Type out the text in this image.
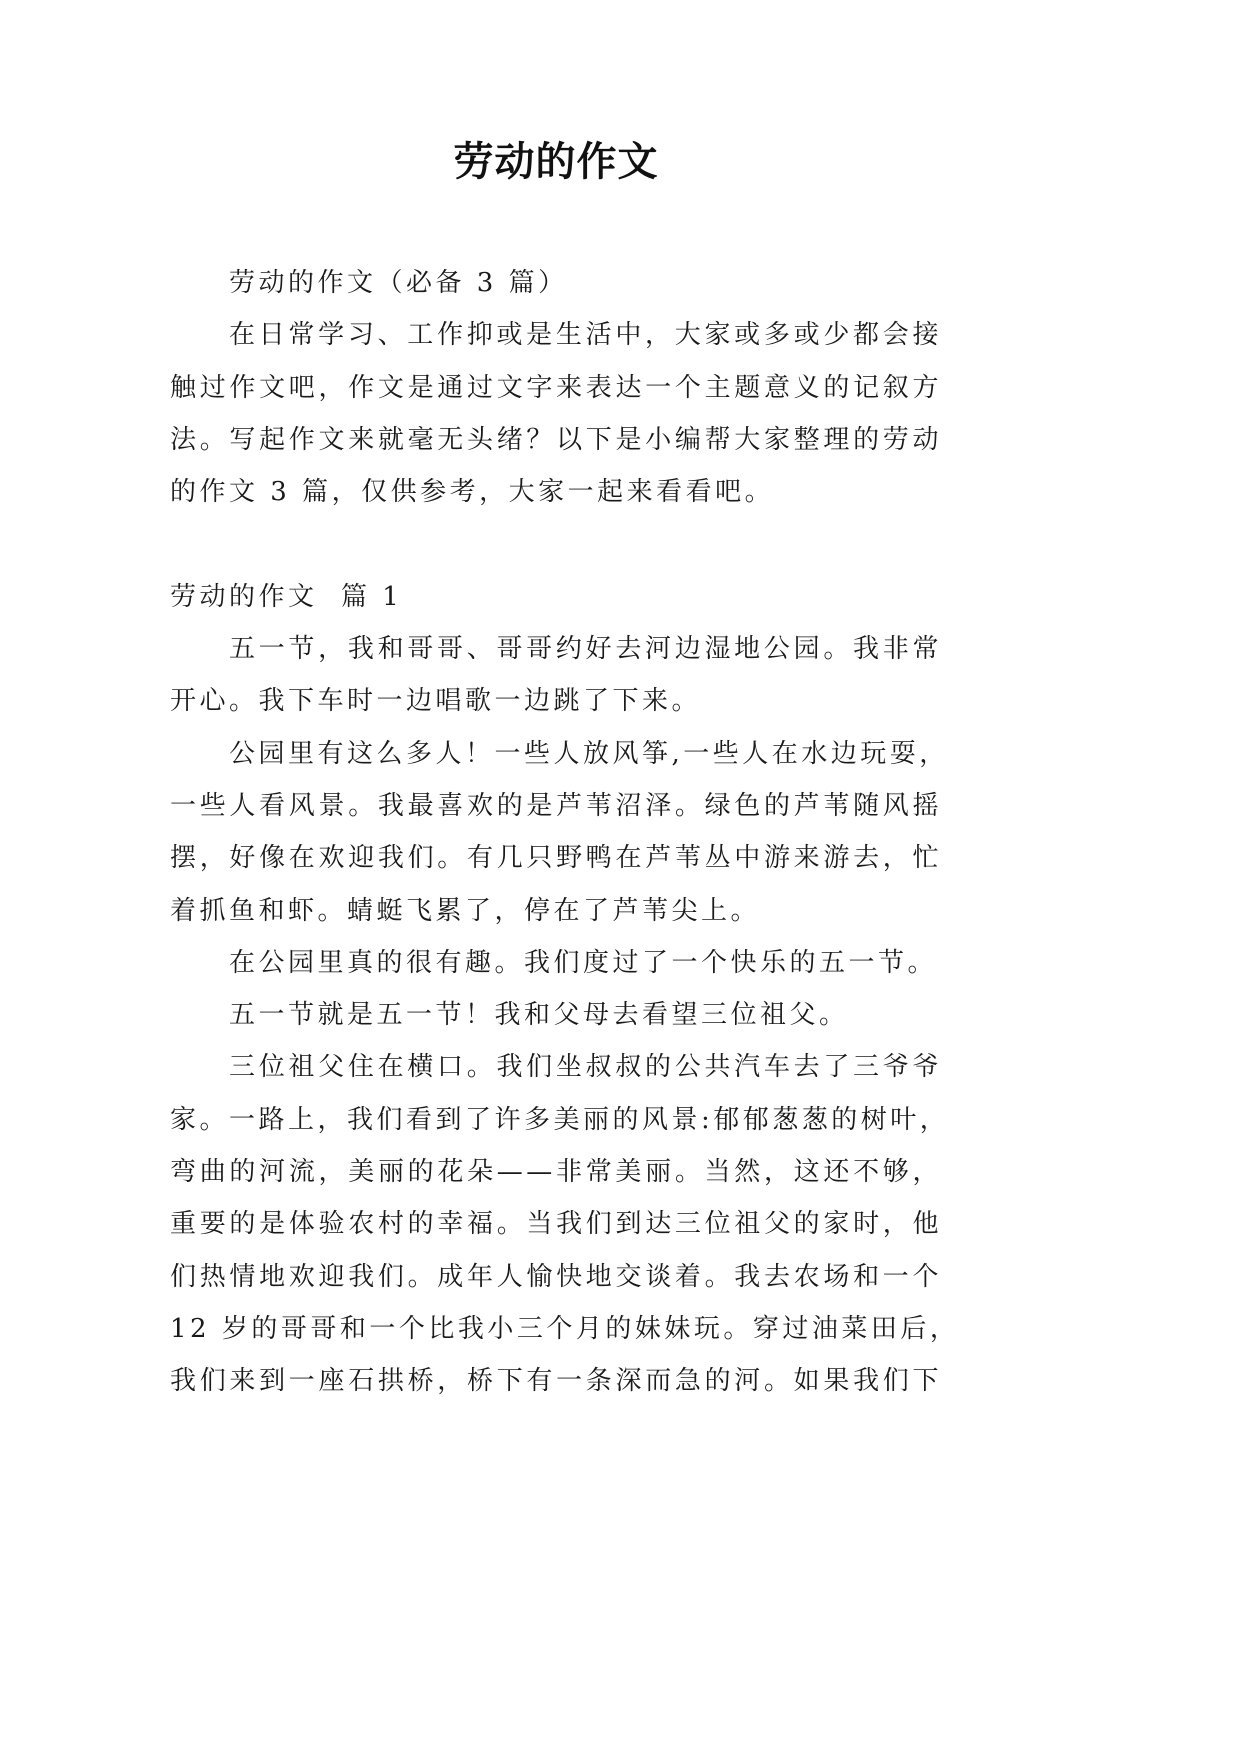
劳动的作文
劳动的作文（必备 3 篇）
在日常学习、工作抑或是生活中，大家或多或少都会接
触过作文吧，作文是通过文字来表达一个主题意义的记叙方
法。写起作文来就毫无头绪？以下是小编帮大家整理的劳动
的作文 3 篇，仅供参考，大家一起来看看吧。
劳动的作文  篇 1
五一节，我和哥哥、哥哥约好去河边湿地公园。我非常
开心。我下车时一边唱歌一边跳了下来。
公园里有这么多人！一些人放风筝,一些人在水边玩耍，
一些人看风景。我最喜欢的是芦苇沼泽。绿色的芦苇随风摇
摆，好像在欢迎我们。有几只野鸭在芦苇丛中游来游去，忙
着抓鱼和虾。蜻蜓飞累了，停在了芦苇尖上。
在公园里真的很有趣。我们度过了一个快乐的五一节。
五一节就是五一节！我和父母去看望三位祖父。
三位祖父住在横口。我们坐叔叔的公共汽车去了三爷爷
家。一路上，我们看到了许多美丽的风景:郁郁葱葱的树叶，
弯曲的河流，美丽的花朵——非常美丽。当然，这还不够，
重要的是体验农村的幸福。当我们到达三位祖父的家时，他
们热情地欢迎我们。成年人愉快地交谈着。我去农场和一个
12 岁的哥哥和一个比我小三个月的妹妹玩。穿过油菜田后，
我们来到一座石拱桥，桥下有一条深而急的河。如果我们下
